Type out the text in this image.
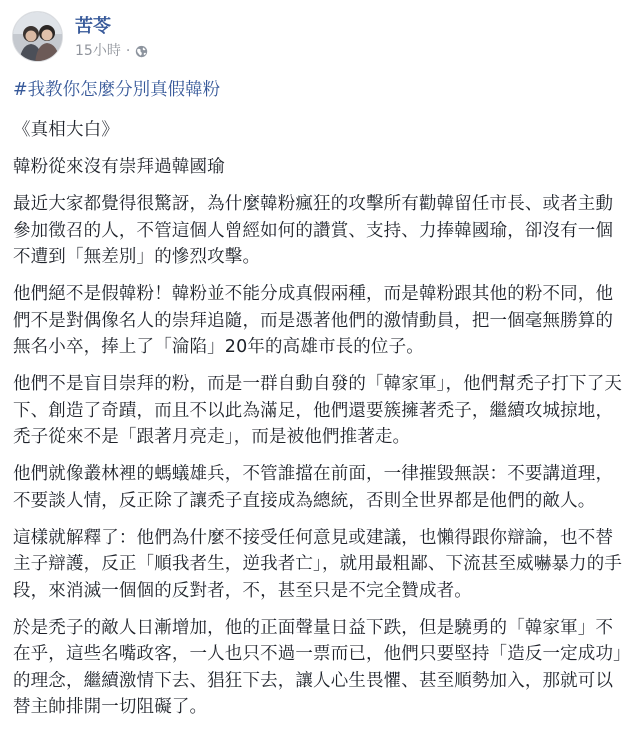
苦苓
15小時 ·
#我教你怎麼分別真假韓粉

《真相大白》

韓粉從來沒有崇拜過韓國瑜

最近大家都覺得很驚訝，為什麼韓粉瘋狂的攻擊所有勸韓留任市長、或者主動參加徵召的人，不管這個人曾經如何的讚賞、支持、力捧韓國瑜，卻沒有一個不遭到「無差別」的慘烈攻擊。

他們絕不是假韓粉！韓粉並不能分成真假兩種，而是韓粉跟其他的粉不同，他們不是對偶像名人的崇拜追隨，而是憑著他們的激情動員，把一個毫無勝算的無名小卒，捧上了「淪陷」20年的高雄市長的位子。

他們不是盲目崇拜的粉，而是一群自動自發的「韓家軍」，他們幫禿子打下了天下、創造了奇蹟，而且不以此為滿足，他們還要簇擁著禿子，繼續攻城掠地，禿子從來不是「跟著月亮走」，而是被他們推著走。

他們就像叢林裡的螞蟻雄兵，不管誰擋在前面，一律摧毀無誤：不要講道理，不要談人情，反正除了讓禿子直接成為總統，否則全世界都是他們的敵人。

這樣就解釋了：他們為什麼不接受任何意見或建議，也懶得跟你辯論，也不替主子辯護，反正「順我者生，逆我者亡」，就用最粗鄙、下流甚至威嚇暴力的手段，來消滅一個個的反對者，不，甚至只是不完全贊成者。

於是禿子的敵人日漸增加，他的正面聲量日益下跌，但是驍勇的「韓家軍」不在乎，這些名嘴政客，一人也只不過一票而已，他們只要堅持「造反一定成功」的理念，繼續激情下去、猖狂下去，讓人心生畏懼、甚至順勢加入，那就可以替主帥排開一切阻礙了。
